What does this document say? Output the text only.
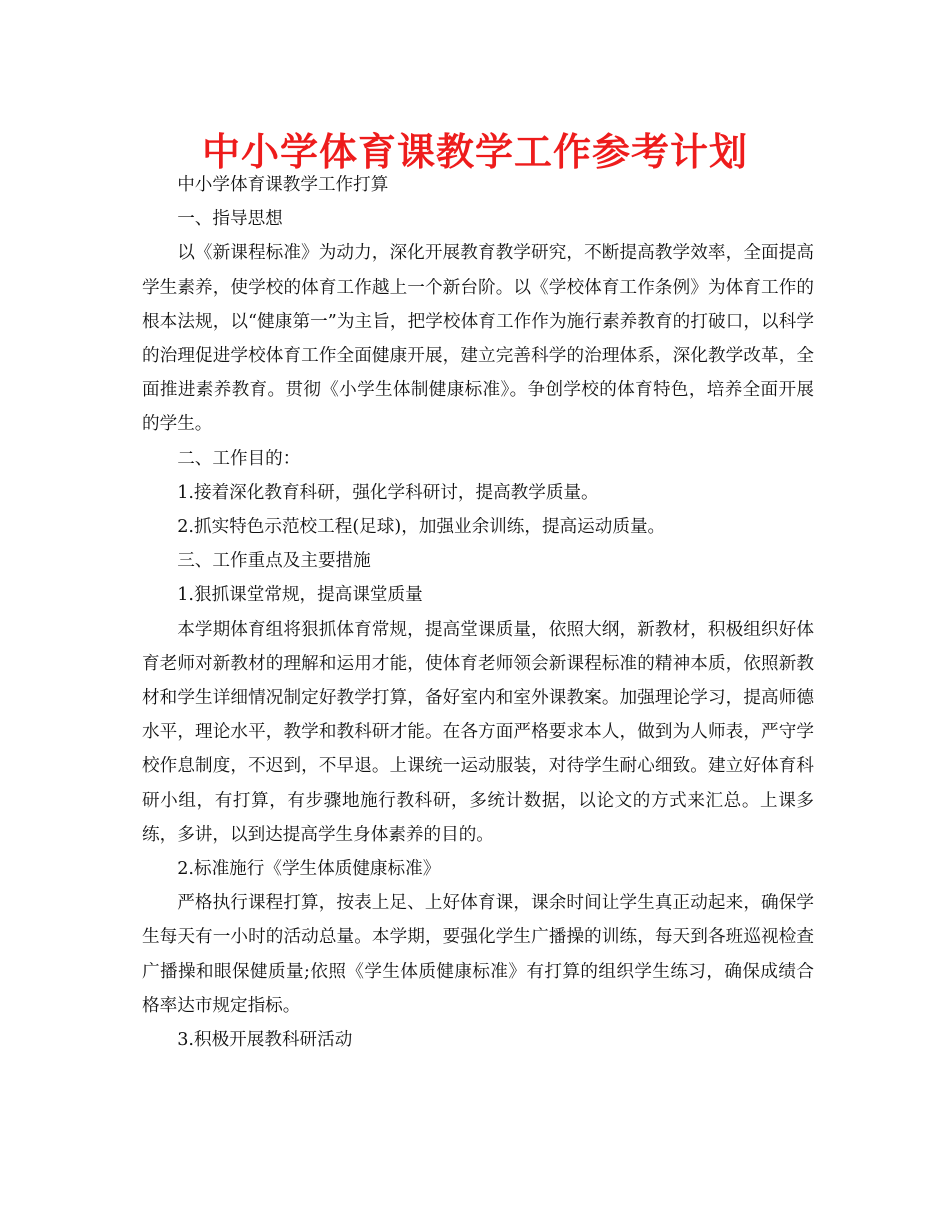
中小学体育课教学工作参考计划

中小学体育课教学工作打算

一、指导思想

以《新课程标准》为动力，深化开展教育教学研究，不断提高教学效率，全面提高学生素养，使学校的体育工作越上一个新台阶。以《学校体育工作条例》为体育工作的根本法规，以“健康第一”为主旨，把学校体育工作作为施行素养教育的打破口，以科学的治理促进学校体育工作全面健康开展，建立完善科学的治理体系，深化教学改革，全面推进素养教育。贯彻《小学生体制健康标准》。争创学校的体育特色，培养全面开展的学生。

二、工作目的：

1.接着深化教育科研，强化学科研讨，提高教学质量。

2.抓实特色示范校工程(足球)，加强业余训练，提高运动质量。

三、工作重点及主要措施

1.狠抓课堂常规，提高课堂质量

本学期体育组将狠抓体育常规，提高堂课质量，依照大纲，新教材，积极组织好体育老师对新教材的理解和运用才能，使体育老师领会新课程标准的精神本质，依照新教材和学生详细情况制定好教学打算，备好室内和室外课教案。加强理论学习，提高师德水平，理论水平，教学和教科研才能。在各方面严格要求本人，做到为人师表，严守学校作息制度，不迟到，不早退。上课统一运动服装，对待学生耐心细致。建立好体育科研小组，有打算，有步骤地施行教科研，多统计数据，以论文的方式来汇总。上课多练，多讲，以到达提高学生身体素养的目的。

2.标准施行《学生体质健康标准》

严格执行课程打算，按表上足、上好体育课，课余时间让学生真正动起来，确保学生每天有一小时的活动总量。本学期，要强化学生广播操的训练，每天到各班巡视检查广播操和眼保健质量;依照《学生体质健康标准》有打算的组织学生练习，确保成绩合格率达市规定指标。

3.积极开展教科研活动
